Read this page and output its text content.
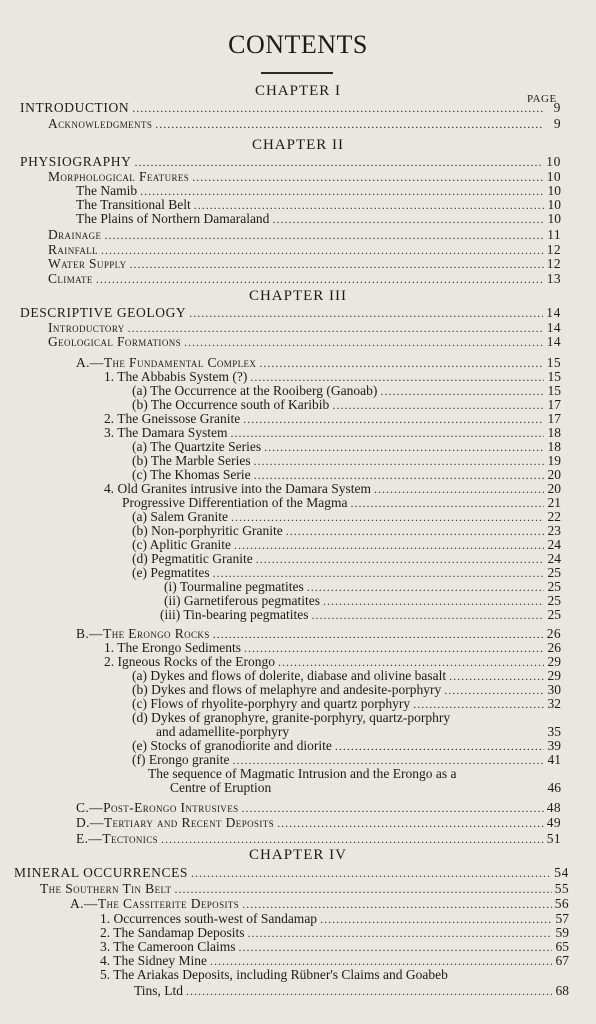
CONTENTS
CHAPTER I	PAGE
CHAPTER II
CHAPTER III
CHAPTER IV
INTRODUCTION .....	9
Acknowledgments .....	9
PHYSIOGRAPHY .....	10
Morphological Features .....	10
The Namib .....	10
The Transitional Belt .....	10
The Plains of Northern Damaraland .....	10
Drainage .....	11
Rainfall .....	12
Water Supply .....	12
Climate .....	13
DESCRIPTIVE GEOLOGY .....	14
Introductory .....	14
Geological Formations .....	14
A.—The Fundamental Complex .....	15
1. The Abbabis System (?) .....	15
(a) The Occurrence at the Rooiberg (Ganoab) .....	15
(b) The Occurrence south of Karibib .....	17
2. The Gneissose Granite .....	17
3. The Damara System .....	18
(a) The Quartzite Series .....	18
(b) The Marble Series .....	19
(c) The Khomas Serie .....	20
4. Old Granites intrusive into the Damara System .....	20
Progressive Differentiation of the Magma .....	21
(a) Salem Granite .....	22
(b) Non-porphyritic Granite .....	23
(c) Aplitic Granite .....	24
(d) Pegmatitic Granite .....	24
(e) Pegmatites .....	25
(i) Tourmaline pegmatites .....	25
(ii) Garnetiferous pegmatites .....	25
(iii) Tin-bearing pegmatites .....	25
B.—The Erongo Rocks .....	26
1. The Erongo Sediments .....	26
2. Igneous Rocks of the Erongo .....	29
(a) Dykes and flows of dolerite, diabase and olivine basalt .....	29
(b) Dykes and flows of melaphyre and andesite-porphyry .....	30
(c) Flows of rhyolite-porphyry and quartz porphyry .....	32
(d) Dykes of granophyre, granite-porphyry, quartz-porphry
and adamellite-porphyry	35
(e) Stocks of granodiorite and diorite .....	39
(f) Erongo granite .....	41
The sequence of Magmatic Intrusion and the Erongo as a
Centre of Eruption	46
C.—Post-Erongo Intrusives .....	48
D.—Tertiary and Recent Deposits .....	49
E.—Tectonics .....	51
MINERAL OCCURRENCES .....	54
The Southern Tin Belt .....	55
A.—The Cassiterite Deposits .....	56
1. Occurrences south-west of Sandamap .....	57
2. The Sandamap Deposits .....	59
3. The Cameroon Claims .....	65
4. The Sidney Mine .....	67
5. The Ariakas Deposits, including Rübner's Claims and Goabeb
Tins, Ltd .....	68
